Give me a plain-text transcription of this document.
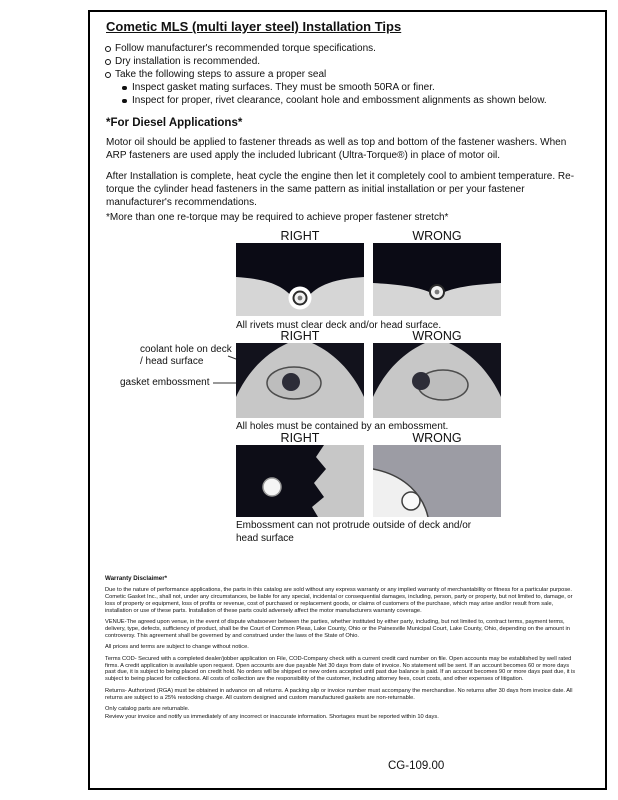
Cometic MLS (multi layer steel) Installation Tips
Follow manufacturer's recommended torque specifications.
Dry installation is recommended.
Take the following steps to assure a proper seal
Inspect gasket mating surfaces. They must be smooth 50RA or finer.
Inspect for proper, rivet clearance, coolant hole and embossment alignments as shown below.
*For Diesel Applications*
Motor oil should be applied to fastener threads as well as top and bottom of the fastener washers. When ARP fasteners are used apply the included lubricant (Ultra-Torque®) in place of motor oil.
After Installation is complete, heat cycle the engine then let it completely cool to ambient temperature. Re-torque the cylinder head fasteners in the same pattern as initial installation or per your fastener manufacturer's recommendations.
*More than one re-torque may be required to achieve proper fastener stretch*
RIGHT	WRONG
All rivets must clear deck and/or head surface.
RIGHT	WRONG
coolant hole on deck / head surface
gasket embossment
All holes must be contained by an embossment.
RIGHT	WRONG
Embossment can not protrude outside of deck and/or head surface
Warranty Disclaimer*

Due to the nature of performance applications, the parts in this catalog are sold without any express warranty or any implied warranty of merchantability or fitness for a particular purpose. Cometic Gasket Inc., shall not, under any circumstances, be liable for any special, incidental or consequential damages, including, person, party or property, but not limited to, damage, or loss of property or equipment, loss of profits or revenue, cost of purchased or replacement goods, or claims of customers of the purchase, which may arise and/or result from sale, installation or use of these parts. Installation of these parts could adversely affect the motor manufacturers warranty coverage.

VENUE-The agreed upon venue, in the event of dispute whatsoever between the parties, whether instituted by either party, including, but not limited to, contract terms, payment terms, delivery, type, defects, sufficiency of product, shall be the Court of Common Pleas, Lake County, Ohio or the Painesville Municipal Court, Lake County, Ohio, depending on the amount in controversy. This agreement shall be governed by and construed under the laws of the State of Ohio.

All prices and terms are subject to change without notice.

Terms COD- Secured with a completed dealer/jobber application on File, COD-Company check with a current credit card number on file. Open accounts may be established by well rated firms. A credit application is available upon request. Open accounts are due payable Net 30 days from date of invoice. No statement will be sent. If an account becomes 60 or more days past due, it is subject to being placed on credit hold. No orders will be shipped or new orders accepted until past due balance is paid. If an account becomes 90 or more days past due, it is subject to being placed for collections. All costs of collection are the responsibility of the customer, including attorney fees, court costs, and other expenses of litigation.

Returns- Authorized (RGA) must be obtained in advance on all returns. A packing slip or invoice number must accompany the merchandise. No returns after 30 days from invoice date. All returns are subject to a 25% restocking charge. All custom designed and custom manufactured gaskets are non-returnable.

Only catalog parts are returnable.

Review your invoice and notify us immediately of any incorrect or inaccurate information. Shortages must be reported within 10 days.

CG-109.00
